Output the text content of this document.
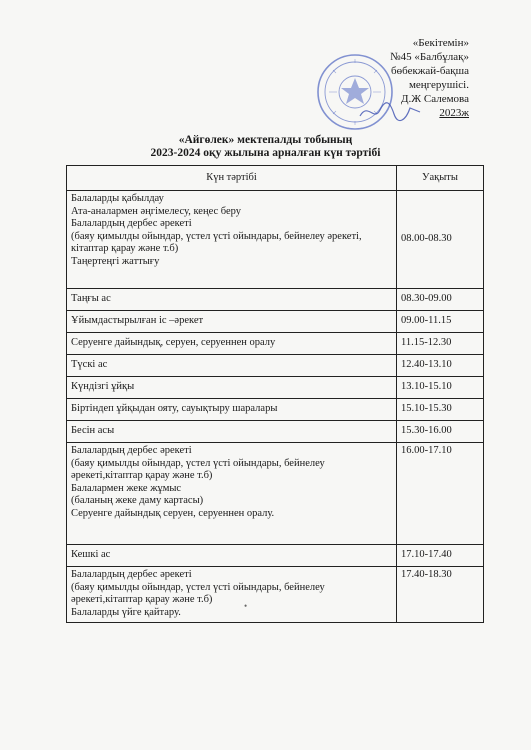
«Бекітемін»
№45 «Балбұлақ»
бөбекжай-бақша
меңгерушісі.
Д.Ж Салемова
2023ж
«Айгөлек» мектепалды тобының
2023-2024 оқу жылына арналған күн тәртібі
Күн тәртібі	Уақыты

Балаларды қабылдау
Ата-аналармен әңгімелесу, кеңес беру
Балалардың дербес әрекеті
(баяу қимылды ойындар, үстел үсті ойындары, бейнелеу әрекеті, кітаптар қарау және т.б)
Таңертеңгі жаттығу	08.00-08.30

Таңғы ас	08.30-09.00

Ұйымдастырылған іс –әрекет	09.00-11.15

Серуенге дайындық, серуен, серуеннен оралу	11.15-12.30

Түскі ас	12.40-13.10

Күндізгі ұйқы	13.10-15.10

Біртіндеп ұйқыдан ояту, сауықтыру шаралары	15.10-15.30

Бесін асы	15.30-16.00

Балалардың дербес әрекеті
(баяу қимылды ойындар, үстел үсті ойындары, бейнелеу әрекеті,кітаптар қарау және т.б)
Балалармен жеке жұмыс
(баланың жеке даму картасы)
Серуенге дайындық серуен, серуеннен оралу.	16.00-17.10

Кешкі ас	17.10-17.40

Балалардың дербес әрекеті
(баяу қимылды ойындар, үстел үсті ойындары, бейнелеу әрекеті,кітаптар қарау және т.б)
Балаларды үйге қайтару.	17.40-18.30
•
